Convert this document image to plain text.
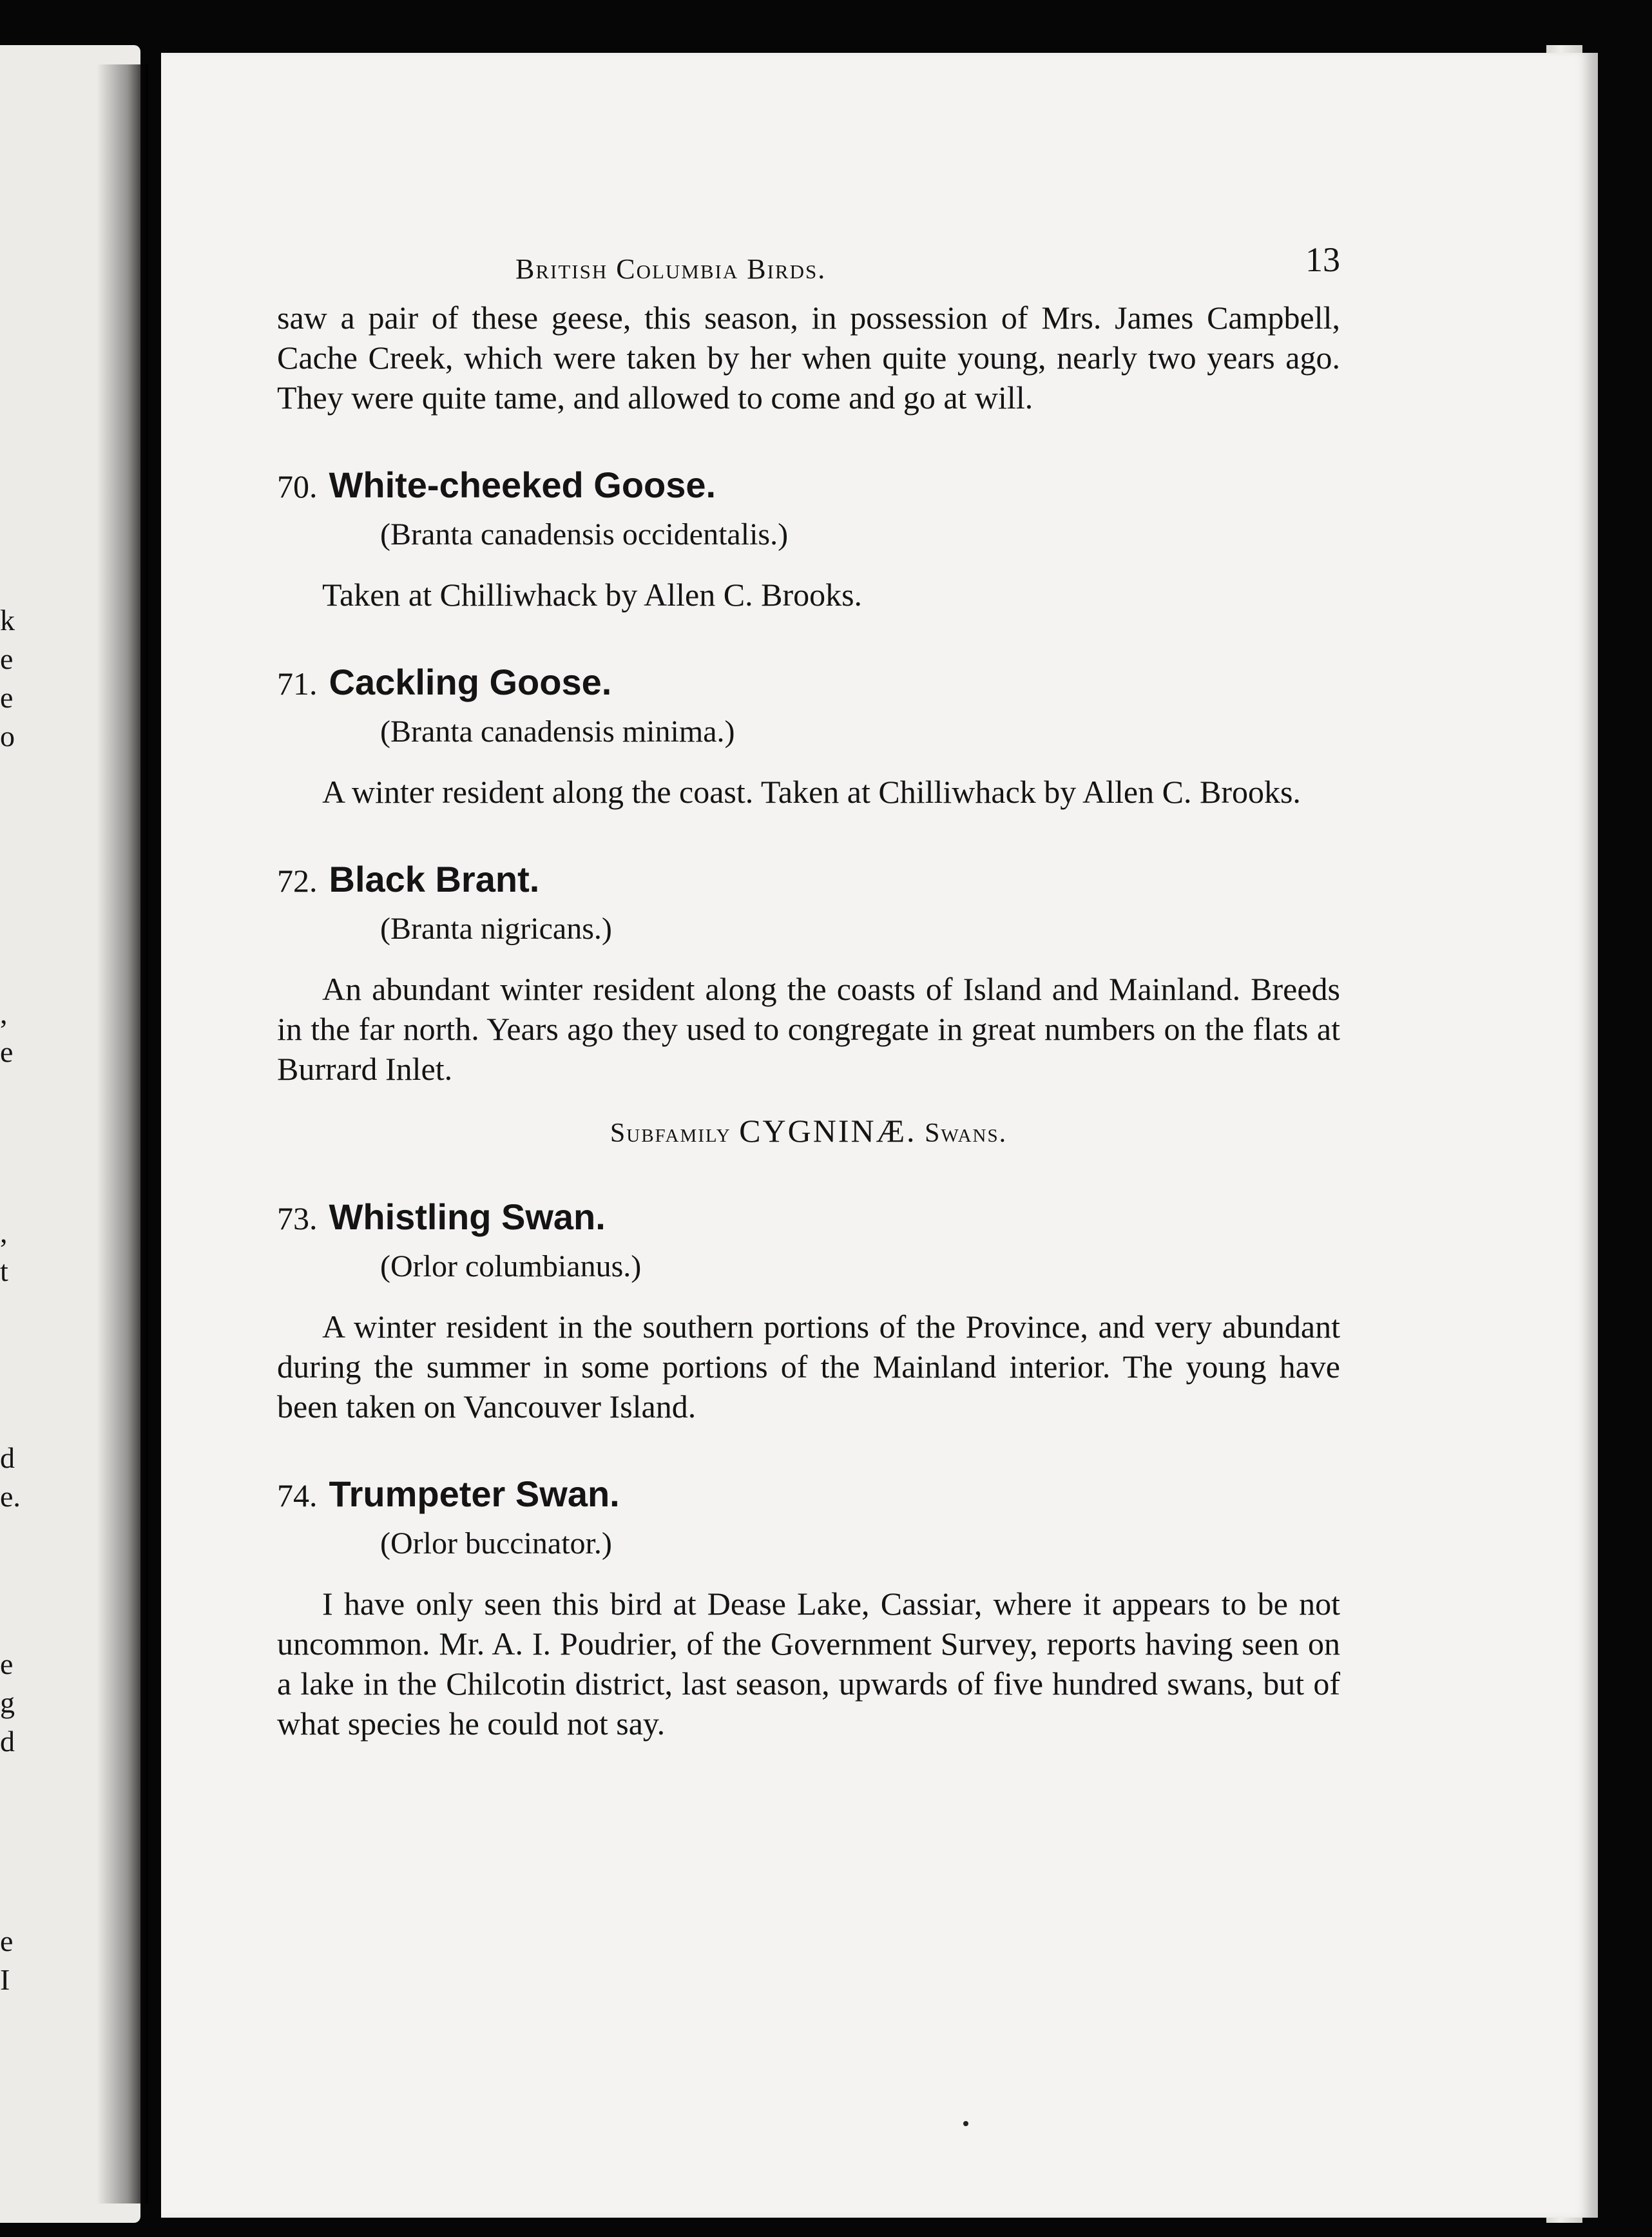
k
e
e
o
,
e
,
t
d
e.
e
g
d
e
I
British Columbia Birds.	13

saw a pair of these geese, this season, in possession of Mrs. James Campbell, Cache Creek, which were taken by her when quite young, nearly two years ago. They were quite tame, and allowed to come and go at will.

70. White-cheeked Goose.
(Branta canadensis occidentalis.)

Taken at Chilliwhack by Allen C. Brooks.

71. Cackling Goose.
(Branta canadensis minima.)

A winter resident along the coast. Taken at Chilliwhack by Allen C. Brooks.

72. Black Brant.
(Branta nigricans.)

An abundant winter resident along the coasts of Island and Mainland. Breeds in the far north. Years ago they used to congregate in great numbers on the flats at Burrard Inlet.

Subfamily CYGNINÆ. Swans.
73. Whistling Swan.
(Orlor columbianus.)

A winter resident in the southern portions of the Province, and very abundant during the summer in some portions of the Mainland interior. The young have been taken on Vancouver Island.

74. Trumpeter Swan.
(Orlor buccinator.)

I have only seen this bird at Dease Lake, Cassiar, where it appears to be not uncommon. Mr. A. I. Poudrier, of the Government Survey, reports having seen on a lake in the Chilcotin district, last season, upwards of five hundred swans, but of what species he could not say.
